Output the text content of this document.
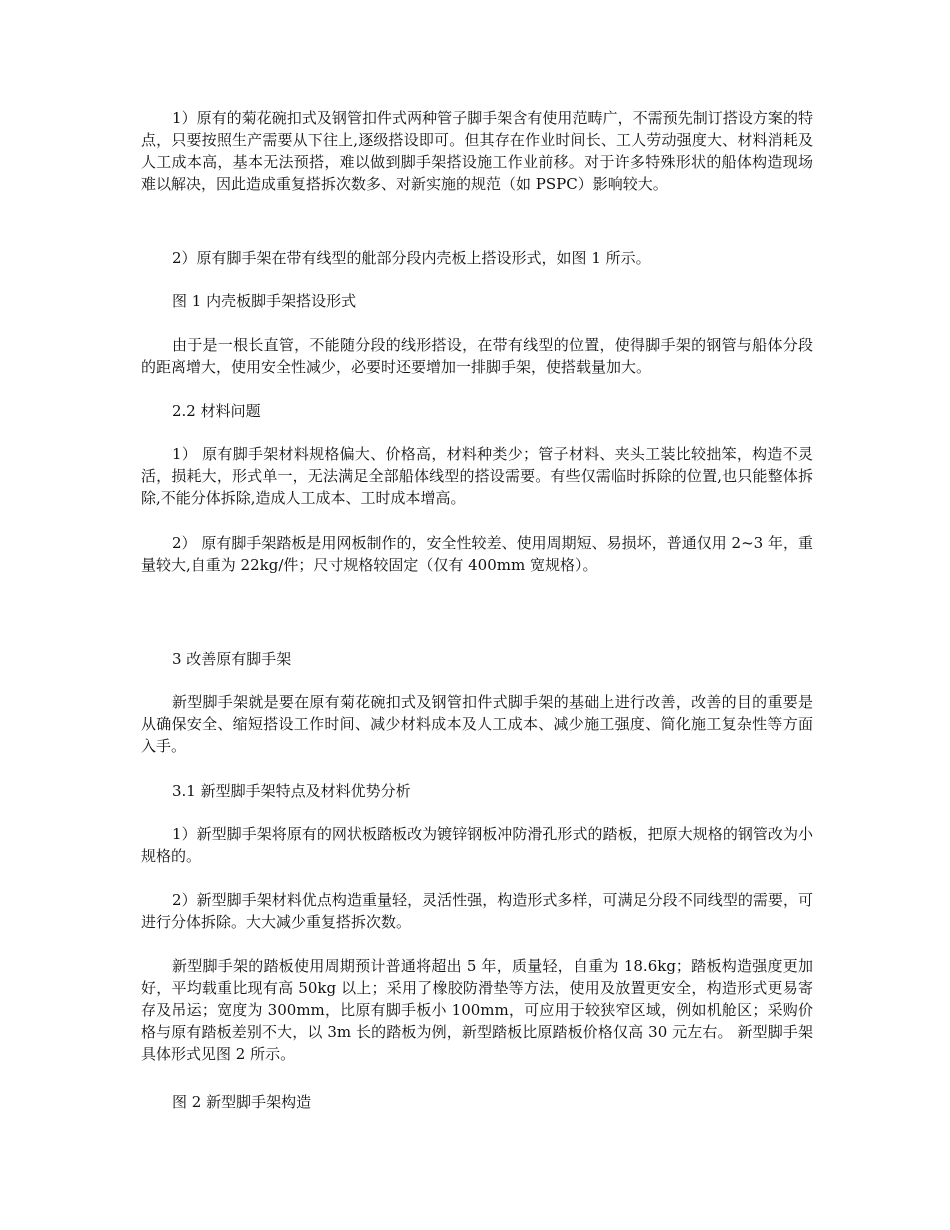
1）原有的菊花碗扣式及钢管扣件式两种管子脚手架含有使用范畴广，不需预先制订搭设方案的特点，只要按照生产需要从下往上,逐级搭设即可。但其存在作业时间长、工人劳动强度大、材料消耗及人工成本高，基本无法预搭，难以做到脚手架搭设施工作业前移。对于许多特殊形状的船体构造现场难以解决，因此造成重复搭拆次数多、对新实施的规范（如 PSPC）影响较大。

2）原有脚手架在带有线型的舭部分段内壳板上搭设形式，如图 1 所示。

图 1 内壳板脚手架搭设形式

由于是一根长直管，不能随分段的线形搭设，在带有线型的位置，使得脚手架的钢管与船体分段的距离增大，使用安全性减少，必要时还要增加一排脚手架，使搭载量加大。

2.2 材料问题

1） 原有脚手架材料规格偏大、价格高，材料种类少；管子材料、夹头工装比较拙笨，构造不灵活，损耗大，形式单一，无法满足全部船体线型的搭设需要。有些仅需临时拆除的位置,也只能整体拆除,不能分体拆除,造成人工成本、工时成本增高。

2） 原有脚手架踏板是用网板制作的，安全性较差、使用周期短、易损坏，普通仅用 2~3 年，重量较大,自重为 22kg/件；尺寸规格较固定（仅有 400mm 宽规格）。

3 改善原有脚手架

新型脚手架就是要在原有菊花碗扣式及钢管扣件式脚手架的基础上进行改善，改善的目的重要是从确保安全、缩短搭设工作时间、减少材料成本及人工成本、减少施工强度、简化施工复杂性等方面入手。

3.1 新型脚手架特点及材料优势分析

1）新型脚手架将原有的网状板踏板改为镀锌钢板冲防滑孔形式的踏板，把原大规格的钢管改为小规格的。

2）新型脚手架材料优点构造重量轻，灵活性强，构造形式多样，可满足分段不同线型的需要，可进行分体拆除。大大减少重复搭拆次数。

新型脚手架的踏板使用周期预计普通将超出 5 年，质量轻，自重为 18.6kg；踏板构造强度更加好，平均载重比现有高 50kg 以上；采用了橡胶防滑垫等方法，使用及放置更安全，构造形式更易寄存及吊运；宽度为 300mm，比原有脚手板小 100mm，可应用于较狭窄区域，例如机舱区；采购价格与原有踏板差别不大，以 3m 长的踏板为例，新型踏板比原踏板价格仅高 30 元左右。 新型脚手架具体形式见图 2 所示。

图 2 新型脚手架构造
